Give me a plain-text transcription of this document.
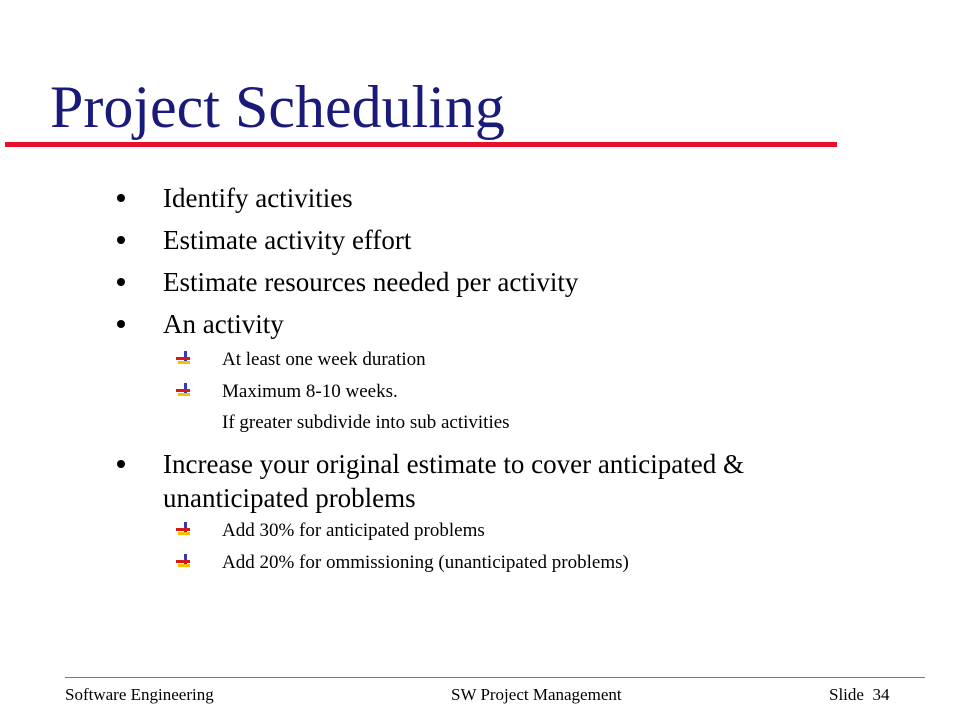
Project Scheduling
Identify activities
Estimate activity effort
Estimate resources needed per activity
An activity
At least one week duration
Maximum 8-10 weeks.
If greater subdivide into sub activities
Increase your original estimate to cover anticipated &
unanticipated problems
Add 30% for anticipated problems
Add 20% for ommissioning (unanticipated problems)
Software Engineering	SW Project Management	Slide 34
